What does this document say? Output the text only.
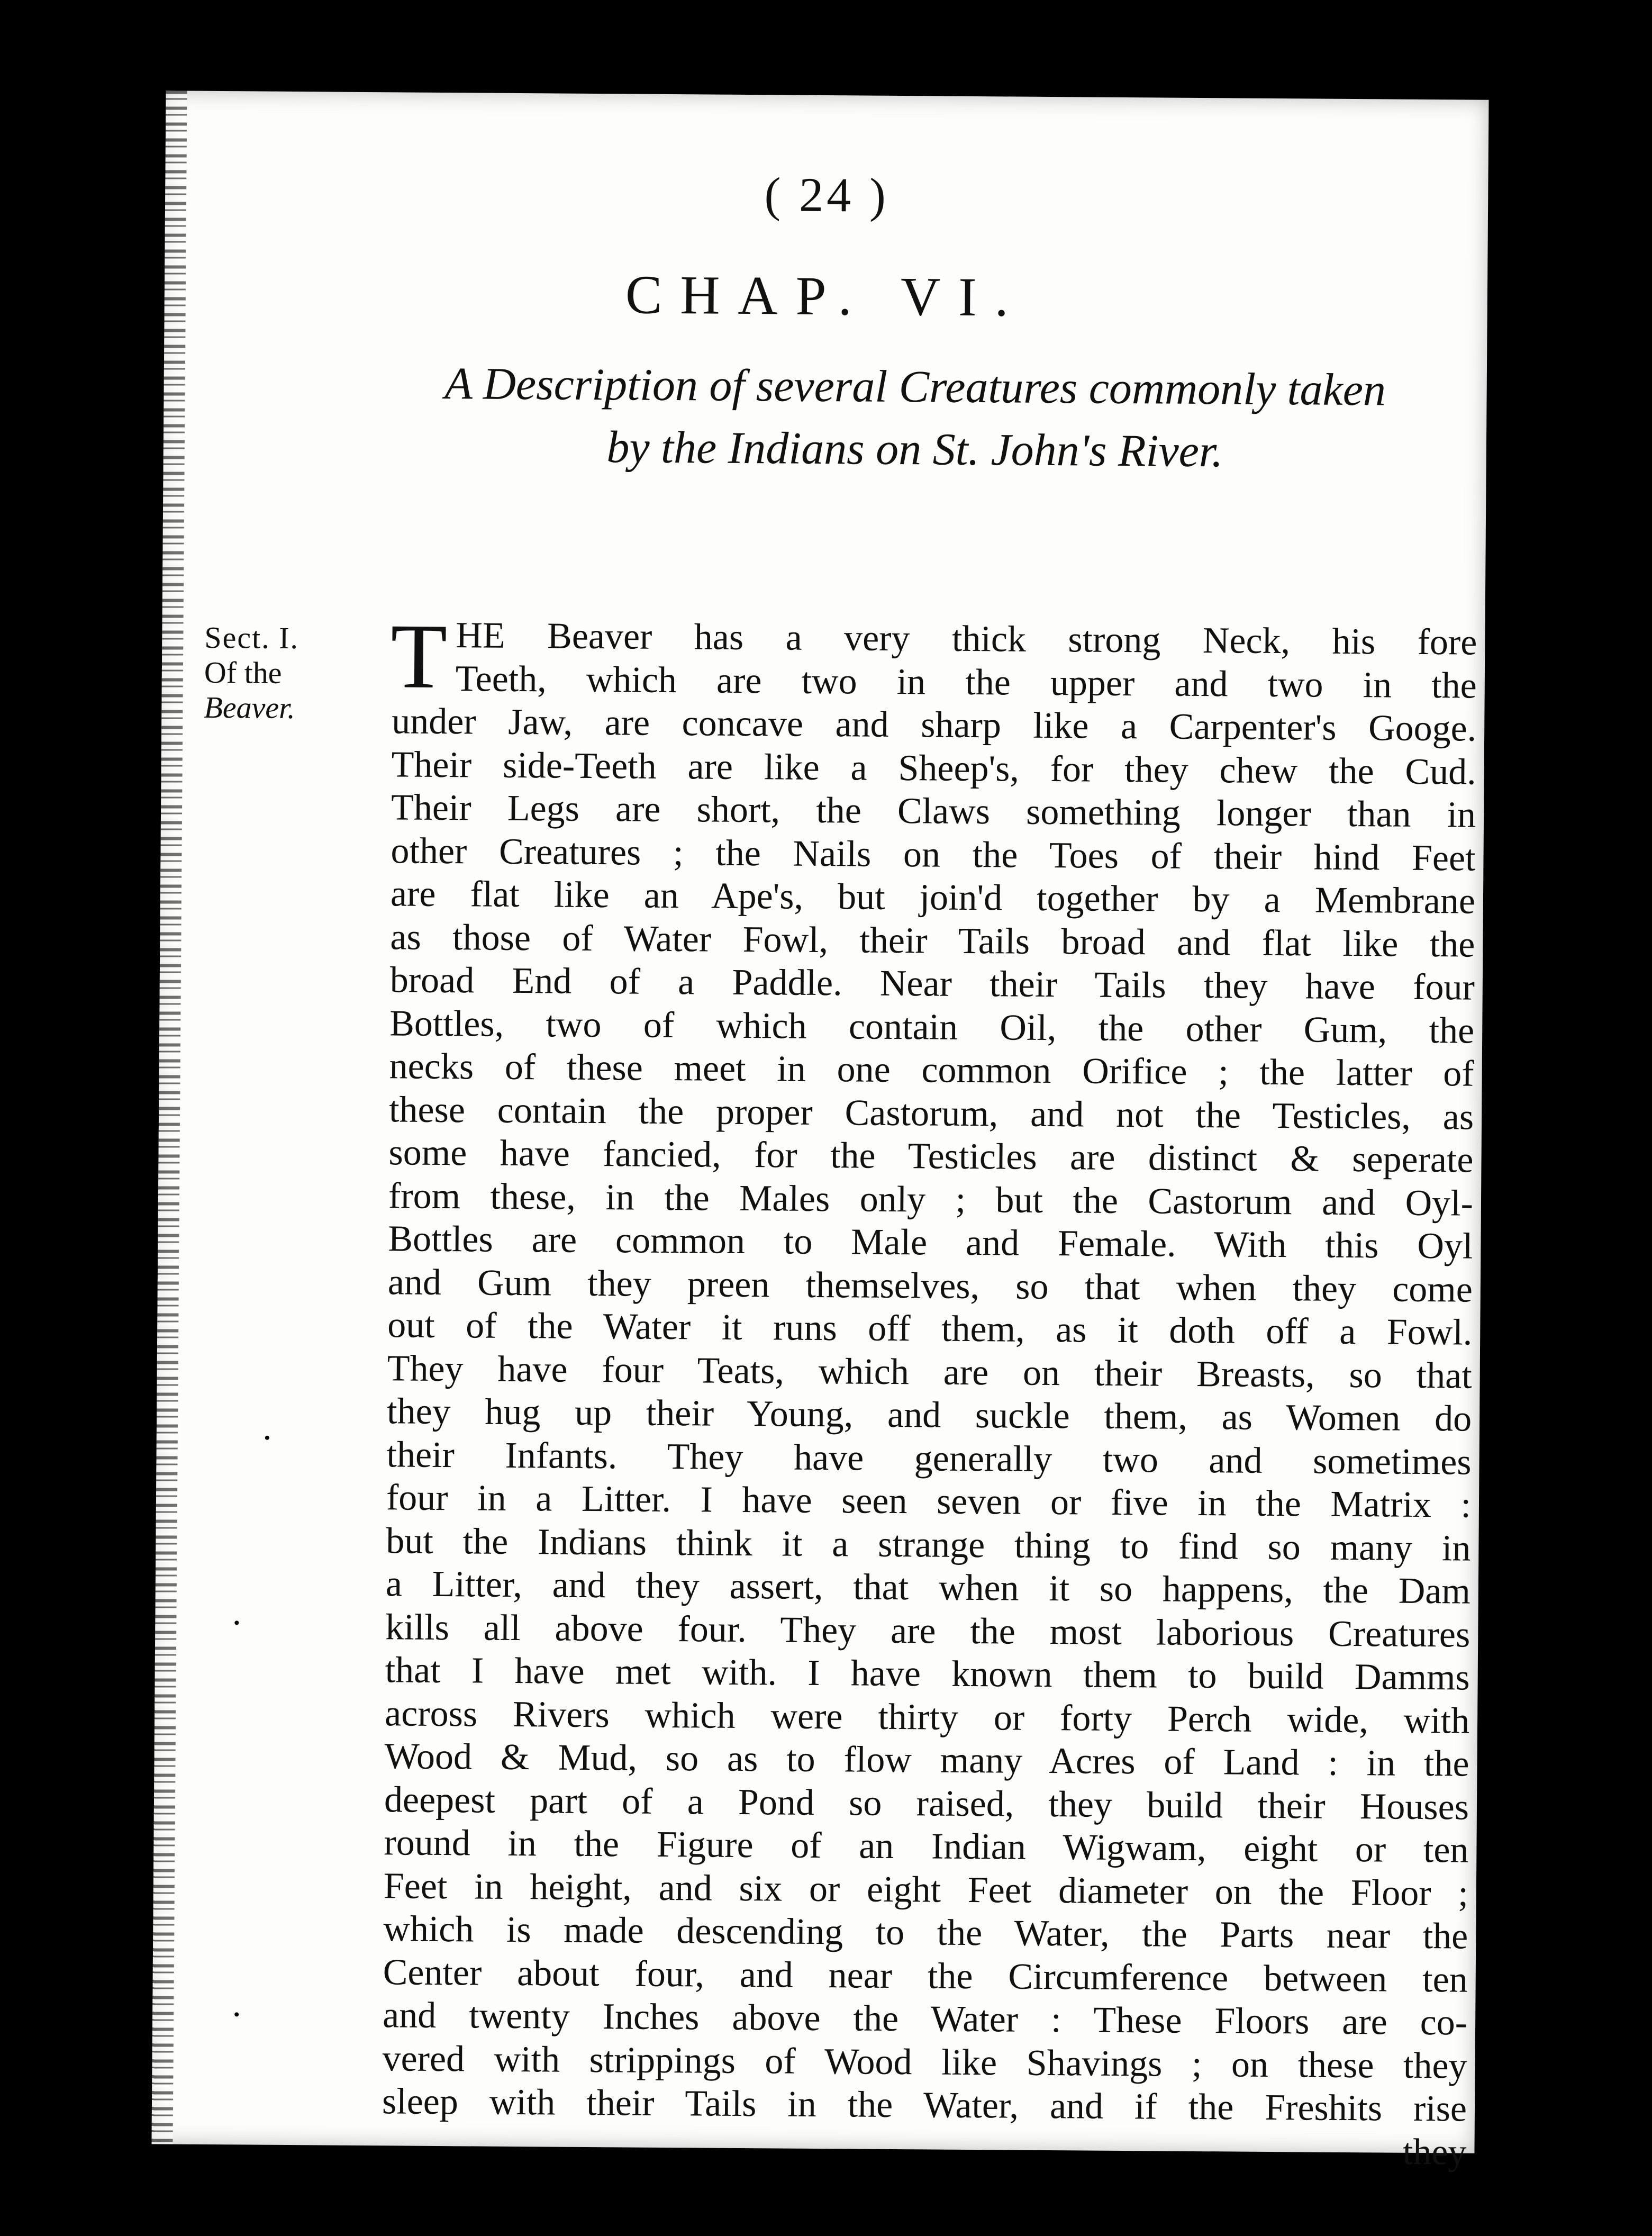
( 24 )
CHAP. VI.
A Description of several Creatures commonly taken
by the Indians on St. John's River.
Sect. I.
Of the Beaver.	T HE Beaver has a very thick strong Neck, his fore
Teeth, which are two in the upper and two in the
under Jaw, are concave and sharp like a Carpenter's Googe.
Their side-Teeth are like a Sheep's, for they chew the Cud.
Their Legs are short, the Claws something longer than in
other Creatures ; the Nails on the Toes of their hind Feet
are flat like an Ape's, but join'd together by a Membrane
as those of Water Fowl, their Tails broad and flat like the
broad End of a Paddle. Near their Tails they have four
Bottles, two of which contain Oil, the other Gum, the
necks of these meet in one common Orifice ; the latter of
these contain the proper Castorum, and not the Testicles, as
some have fancied, for the Testicles are distinct & seperate
from these, in the Males only ; but the Castorum and Oyl-
Bottles are common to Male and Female. With this Oyl
and Gum they preen themselves, so that when they come
out of the Water it runs off them, as it doth off a Fowl.
They have four Teats, which are on their Breasts, so that
they hug up their Young, and suckle them, as Women do
their Infants. They have generally two and sometimes
four in a Litter. I have seen seven or five in the Matrix :
but the Indians think it a strange thing to find so many in
a Litter, and they assert, that when it so happens, the Dam
kills all above four. They are the most laborious Creatures
that I have met with. I have known them to build Damms
across Rivers which were thirty or forty Perch wide, with
Wood & Mud, so as to flow many Acres of Land : in the
deepest part of a Pond so raised, they build their Houses
round in the Figure of an Indian Wigwam, eight or ten
Feet in height, and six or eight Feet diameter on the Floor ;
which is made descending to the Water, the Parts near the
Center about four, and near the Circumference between ten
and twenty Inches above the Water : These Floors are co-
vered with strippings of Wood like Shavings ; on these they
sleep with their Tails in the Water, and if the Freshits rise
they
